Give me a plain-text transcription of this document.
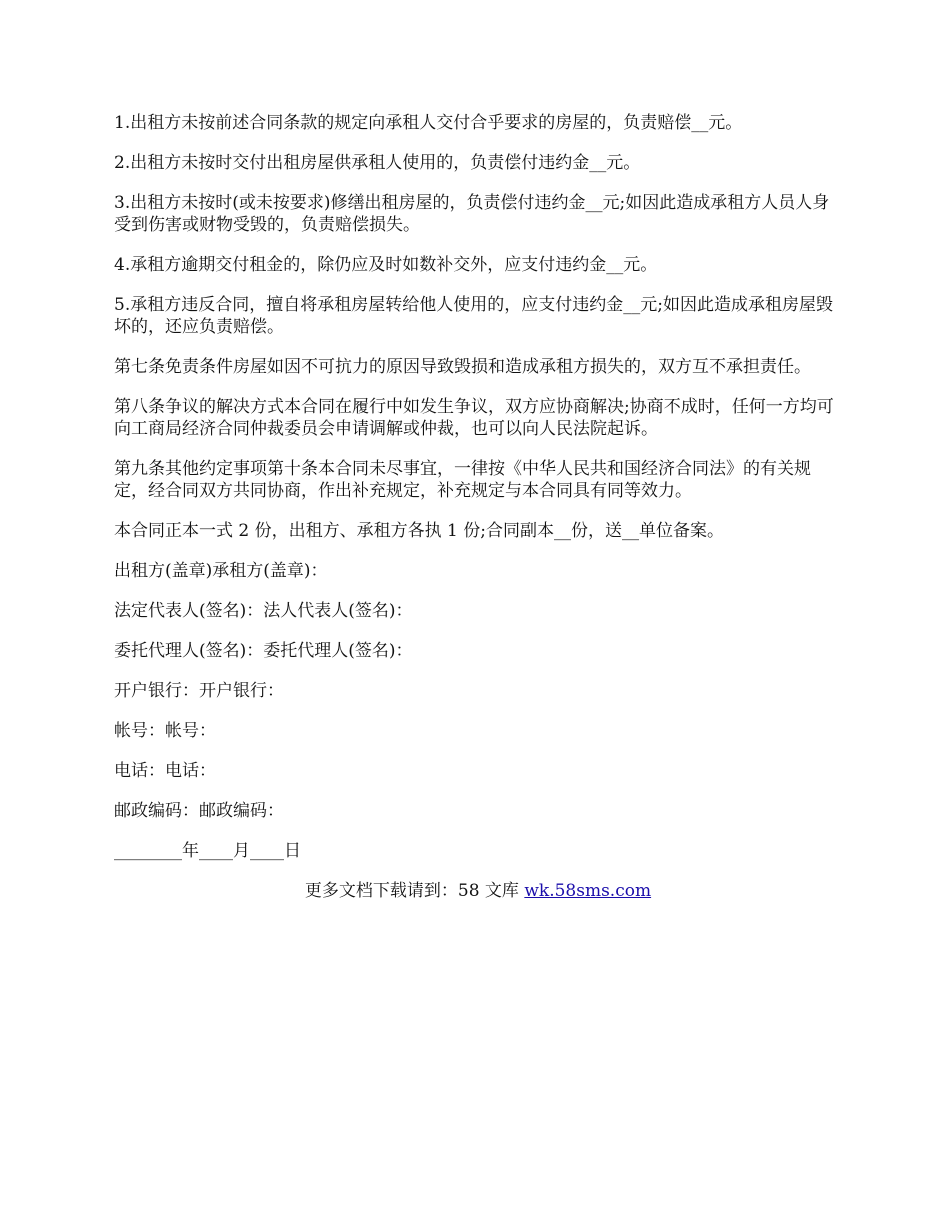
1.出租方未按前述合同条款的规定向承租人交付合乎要求的房屋的，负责赔偿__元。

2.出租方未按时交付出租房屋供承租人使用的，负责偿付违约金__元。

3.出租方未按时(或未按要求)修缮出租房屋的，负责偿付违约金__元;如因此造成承租方人员人身受到伤害或财物受毁的，负责赔偿损失。

4.承租方逾期交付租金的，除仍应及时如数补交外，应支付违约金__元。

5.承租方违反合同，擅自将承租房屋转给他人使用的，应支付违约金__元;如因此造成承租房屋毁坏的，还应负责赔偿。

第七条免责条件房屋如因不可抗力的原因导致毁损和造成承租方损失的，双方互不承担责任。

第八条争议的解决方式本合同在履行中如发生争议，双方应协商解决;协商不成时，任何一方均可向工商局经济合同仲裁委员会申请调解或仲裁，也可以向人民法院起诉。

第九条其他约定事项第十条本合同未尽事宜，一律按《中华人民共和国经济合同法》的有关规定，经合同双方共同协商，作出补充规定，补充规定与本合同具有同等效力。

本合同正本一式 2 份，出租方、承租方各执 1 份;合同副本__份，送__单位备案。

出租方(盖章)承租方(盖章)：

法定代表人(签名)：法人代表人(签名)：

委托代理人(签名)：委托代理人(签名)：

开户银行：开户银行：

帐号：帐号：

电话：电话：

邮政编码：邮政编码：

________年____月____日

更多文档下载请到：58 文库 wk.58sms.com
